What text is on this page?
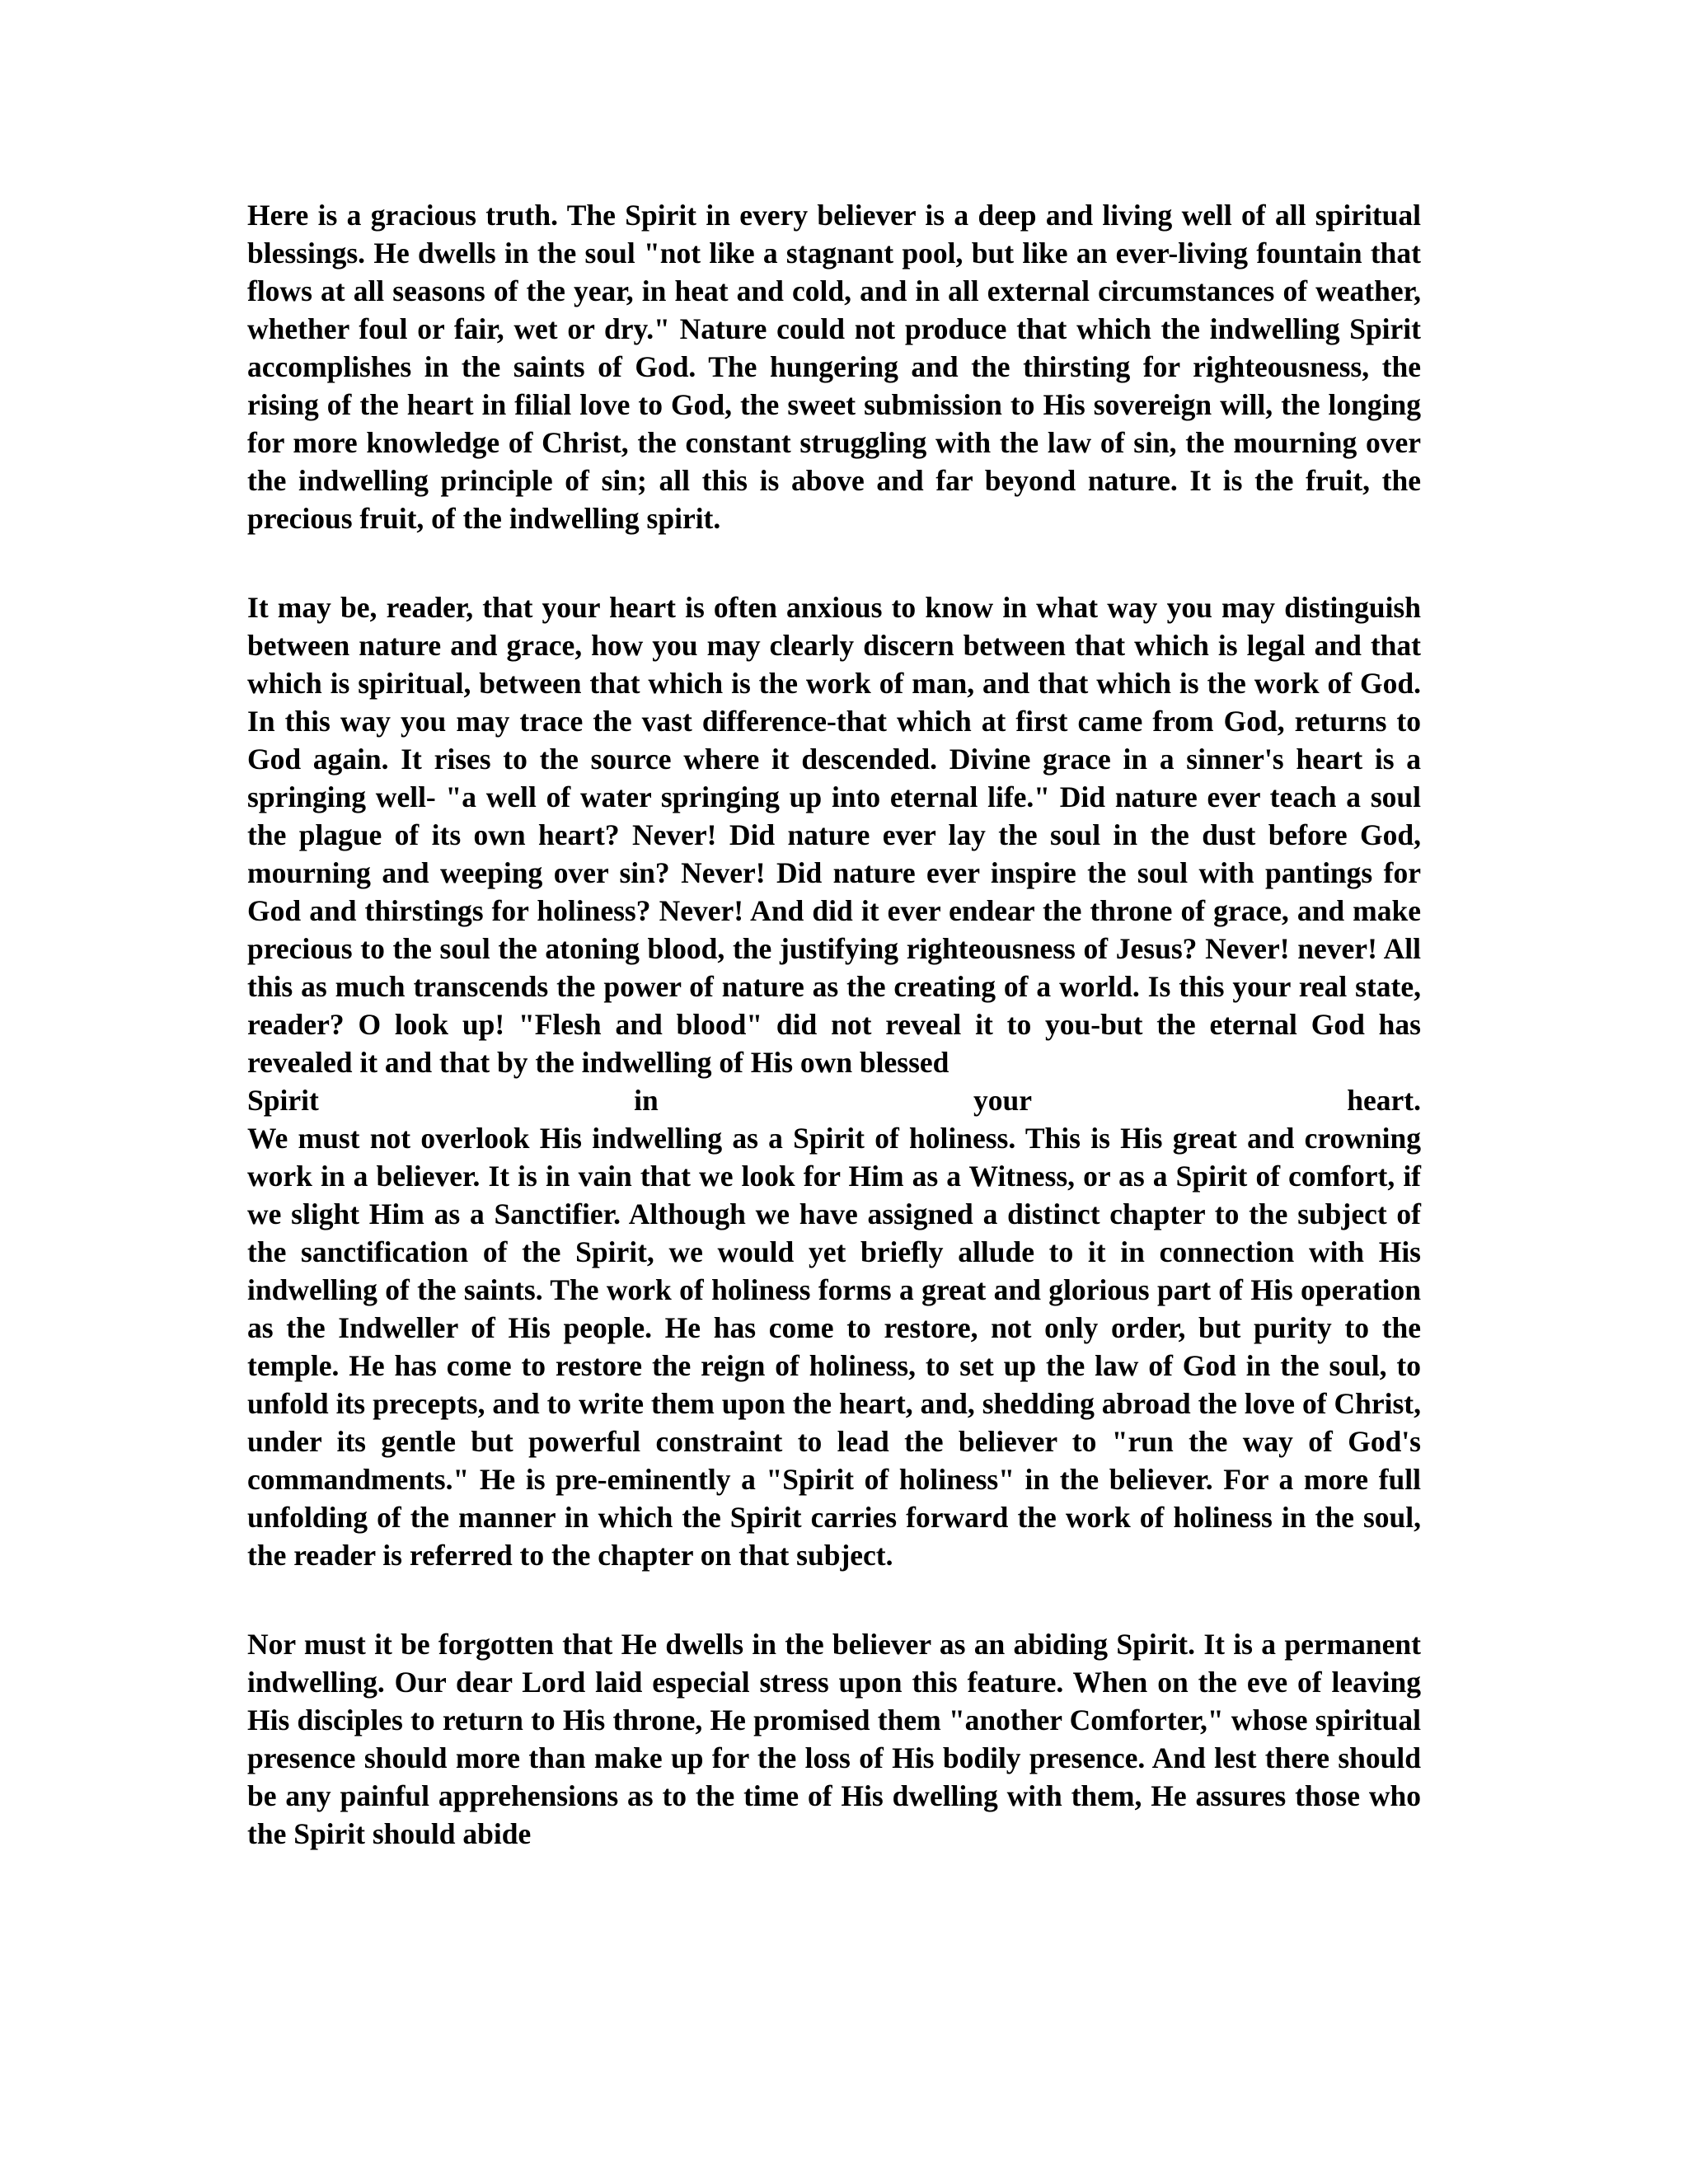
Here is a gracious truth. The Spirit in every believer is a deep and living well of all spiritual blessings. He dwells in the soul "not like a stagnant pool, but like an ever-living fountain that flows at all seasons of the year, in heat and cold, and in all external circumstances of weather, whether foul or fair, wet or dry." Nature could not produce that which the indwelling Spirit accomplishes in the saints of God. The hungering and the thirsting for righteousness, the rising of the heart in filial love to God, the sweet submission to His sovereign will, the longing for more knowledge of Christ, the constant struggling with the law of sin, the mourning over the indwelling principle of sin; all this is above and far beyond nature. It is the fruit, the precious fruit, of the indwelling spirit.

It may be, reader, that your heart is often anxious to know in what way you may distinguish between nature and grace, how you may clearly discern between that which is legal and that which is spiritual, between that which is the work of man, and that which is the work of God. In this way you may trace the vast difference-that which at first came from God, returns to God again. It rises to the source where it descended. Divine grace in a sinner's heart is a springing well- "a well of water springing up into eternal life." Did nature ever teach a soul the plague of its own heart? Never! Did nature ever lay the soul in the dust before God, mourning and weeping over sin? Never! Did nature ever inspire the soul with pantings for God and thirstings for holiness? Never! And did it ever endear the throne of grace, and make precious to the soul the atoning blood, the justifying righteousness of Jesus? Never! never! All this as much transcends the power of nature as the creating of a world. Is this your real state, reader? O look up! "Flesh and blood" did not reveal it to you-but the eternal God has revealed it and that by the indwelling of His own blessed

Spirit	in	your	heart.

We must not overlook His indwelling as a Spirit of holiness. This is His great and crowning work in a believer. It is in vain that we look for Him as a Witness, or as a Spirit of comfort, if we slight Him as a Sanctifier. Although we have assigned a distinct chapter to the subject of the sanctification of the Spirit, we would yet briefly allude to it in connection with His indwelling of the saints. The work of holiness forms a great and glorious part of His operation as the Indweller of His people. He has come to restore, not only order, but purity to the temple. He has come to restore the reign of holiness, to set up the law of God in the soul, to unfold its precepts, and to write them upon the heart, and, shedding abroad the love of Christ, under its gentle but powerful constraint to lead the believer to "run the way of God's commandments." He is pre-eminently a "Spirit of holiness" in the believer. For a more full unfolding of the manner in which the Spirit carries forward the work of holiness in the soul, the reader is referred to the chapter on that subject.

Nor must it be forgotten that He dwells in the believer as an abiding Spirit. It is a permanent indwelling. Our dear Lord laid especial stress upon this feature. When on the eve of leaving His disciples to return to His throne, He promised them "another Comforter," whose spiritual presence should more than make up for the loss of His bodily presence. And lest there should be any painful apprehensions as to the time of His dwelling with them, He assures those who the Spirit should abide
